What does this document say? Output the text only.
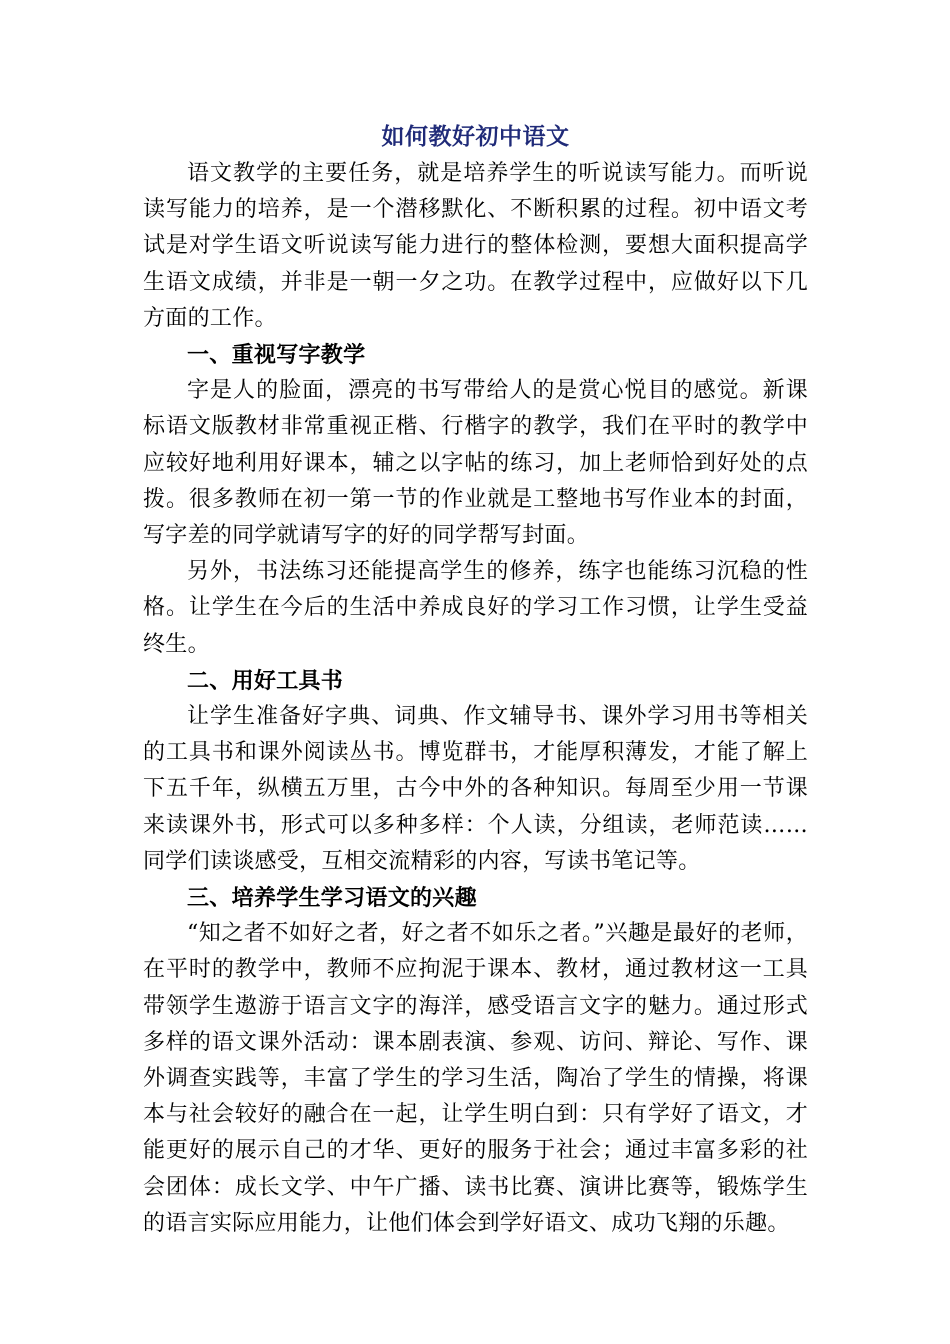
如何教好初中语文

语文教学的主要任务，就是培养学生的听说读写能力。而听说读写能力的培养，是一个潜移默化、不断积累的过程。初中语文考试是对学生语文听说读写能力进行的整体检测，要想大面积提高学生语文成绩，并非是一朝一夕之功。在教学过程中，应做好以下几方面的工作。

一、重视写字教学

字是人的脸面，漂亮的书写带给人的是赏心悦目的感觉。新课标语文版教材非常重视正楷、行楷字的教学，我们在平时的教学中应较好地利用好课本，辅之以字帖的练习，加上老师恰到好处的点拨。很多教师在初一第一节的作业就是工整地书写作业本的封面，写字差的同学就请写字的好的同学帮写封面。

另外，书法练习还能提高学生的修养，练字也能练习沉稳的性格。让学生在今后的生活中养成良好的学习工作习惯，让学生受益终生。

二、用好工具书

让学生准备好字典、词典、作文辅导书、课外学习用书等相关的工具书和课外阅读丛书。博览群书，才能厚积薄发，才能了解上下五千年，纵横五万里，古今中外的各种知识。每周至少用一节课来读课外书，形式可以多种多样：个人读，分组读，老师范读……同学们读谈感受，互相交流精彩的内容，写读书笔记等。

三、培养学生学习语文的兴趣

“知之者不如好之者，好之者不如乐之者。”兴趣是最好的老师，在平时的教学中，教师不应拘泥于课本、教材，通过教材这一工具带领学生遨游于语言文字的海洋，感受语言文字的魅力。通过形式多样的语文课外活动：课本剧表演、参观、访问、辩论、写作、课外调查实践等，丰富了学生的学习生活，陶冶了学生的情操，将课本与社会较好的融合在一起，让学生明白到：只有学好了语文，才能更好的展示自己的才华、更好的服务于社会；通过丰富多彩的社会团体：成长文学、中午广播、读书比赛、演讲比赛等，锻炼学生的语言实际应用能力，让他们体会到学好语文、成功飞翔的乐趣。
